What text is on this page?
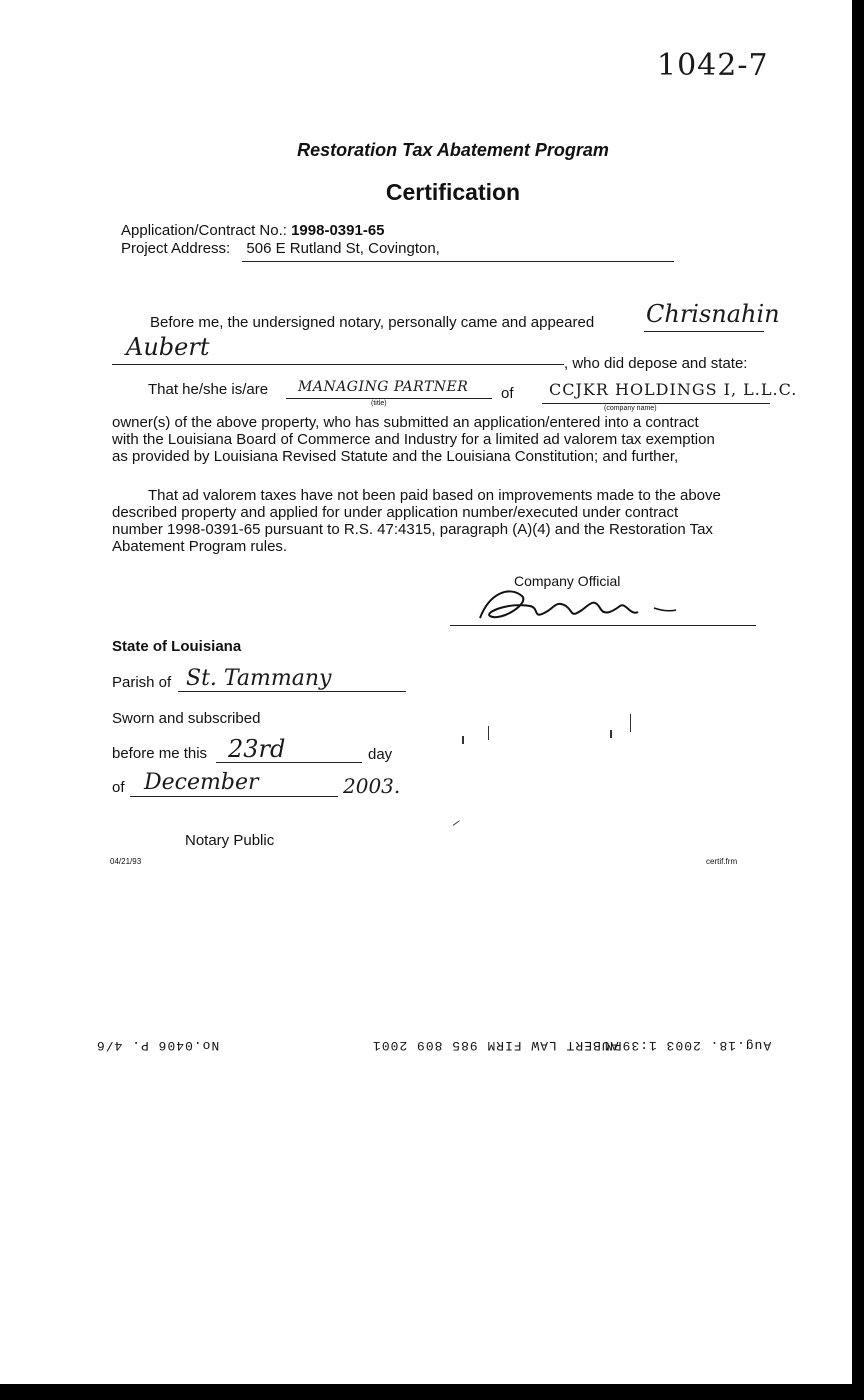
1042-7
Restoration Tax Abatement Program
Certification
Application/Contract No.: 1998-0391-65
Project Address: 506 E Rutland St, Covington,
Before me, the undersigned notary, personally came and appeared Chrisnahin
Aubert
, who did depose and state:
That he/she is/are MANAGING PARTNER
(title)
of CCJKR HOLDINGS I, L.L.C.
(company name)
owner(s) of the above property, who has submitted an application/entered into a contract
with the Louisiana Board of Commerce and Industry for a limited ad valorem tax exemption
as provided by Louisiana Revised Statute and the Louisiana Constitution; and further,
That ad valorem taxes have not been paid based on improvements made to the above
described property and applied for under application number/executed under contract
number 1998-0391-65 pursuant to R.S. 47:4315, paragraph (A)(4) and the Restoration Tax
Abatement Program rules.
Company Official
State of Louisiana
Parish of St. Tammany
Sworn and subscribed
before me this 23rd	day
of December	2003.
Notary Public
04/21/93	certif.frm
No.0406 P. 4/6	AUBERT LAW FIRM 985 809 2001
Aug.18. 2003 1:39PM
